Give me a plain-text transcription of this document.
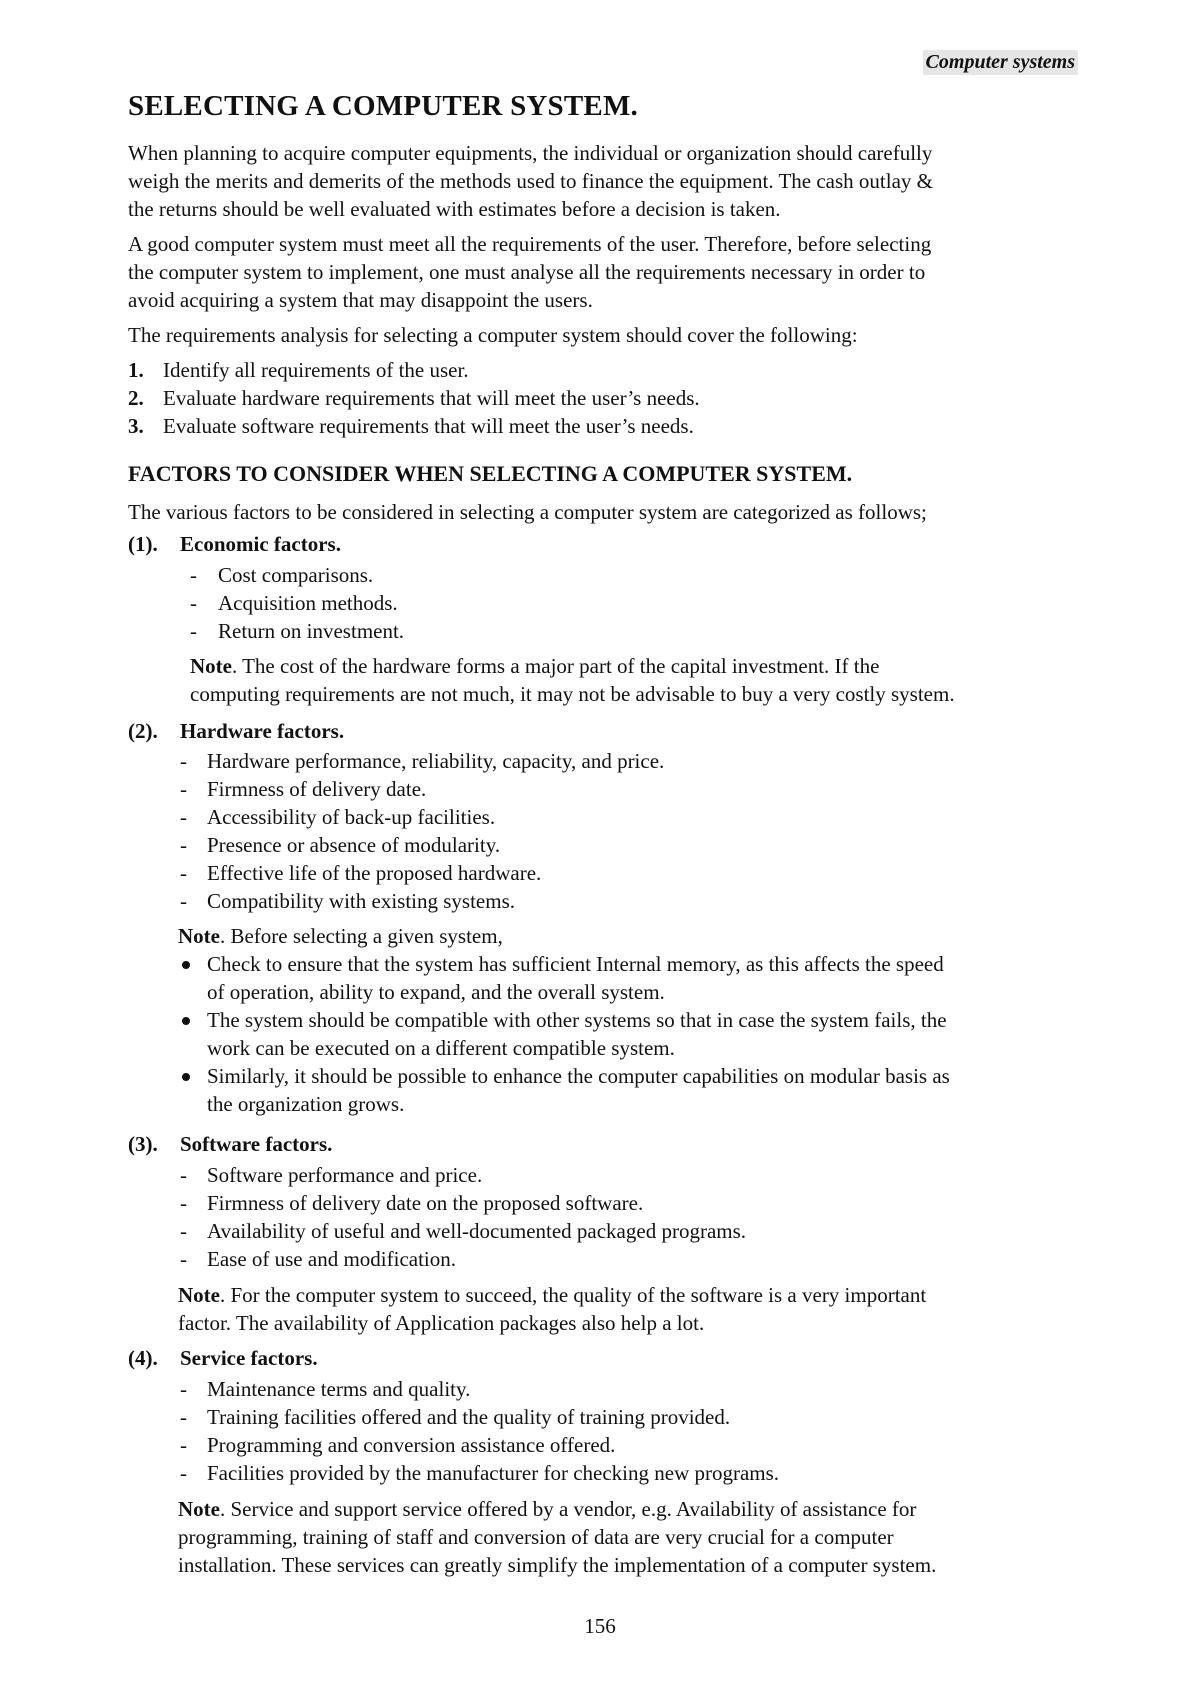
Computer systems
SELECTING A COMPUTER SYSTEM.
When planning to acquire computer equipments, the individual or organization should carefully
weigh the merits and demerits of the methods used to finance the equipment. The cash outlay &
the returns should be well evaluated with estimates before a decision is taken.
A good computer system must meet all the requirements of the user. Therefore, before selecting
the computer system to implement, one must analyse all the requirements necessary in order to
avoid acquiring a system that may disappoint the users.
The requirements analysis for selecting a computer system should cover the following:
1. Identify all requirements of the user.
2. Evaluate hardware requirements that will meet the user’s needs.
3. Evaluate software requirements that will meet the user’s needs.
FACTORS TO CONSIDER WHEN SELECTING A COMPUTER SYSTEM.
The various factors to be considered in selecting a computer system are categorized as follows;
(1). Economic factors.
- Cost comparisons.
- Acquisition methods.
- Return on investment.
Note. The cost of the hardware forms a major part of the capital investment. If the
computing requirements are not much, it may not be advisable to buy a very costly system.
(2). Hardware factors.
- Hardware performance, reliability, capacity, and price.
- Firmness of delivery date.
- Accessibility of back-up facilities.
- Presence or absence of modularity.
- Effective life of the proposed hardware.
- Compatibility with existing systems.
Note. Before selecting a given system,
Check to ensure that the system has sufficient Internal memory, as this affects the speed
of operation, ability to expand, and the overall system.
The system should be compatible with other systems so that in case the system fails, the
work can be executed on a different compatible system.
Similarly, it should be possible to enhance the computer capabilities on modular basis as
the organization grows.
(3). Software factors.
- Software performance and price.
- Firmness of delivery date on the proposed software.
- Availability of useful and well-documented packaged programs.
- Ease of use and modification.
Note. For the computer system to succeed, the quality of the software is a very important
factor. The availability of Application packages also help a lot.
(4). Service factors.
- Maintenance terms and quality.
- Training facilities offered and the quality of training provided.
- Programming and conversion assistance offered.
- Facilities provided by the manufacturer for checking new programs.
Note. Service and support service offered by a vendor, e.g. Availability of assistance for
programming, training of staff and conversion of data are very crucial for a computer
installation. These services can greatly simplify the implementation of a computer system.
156
